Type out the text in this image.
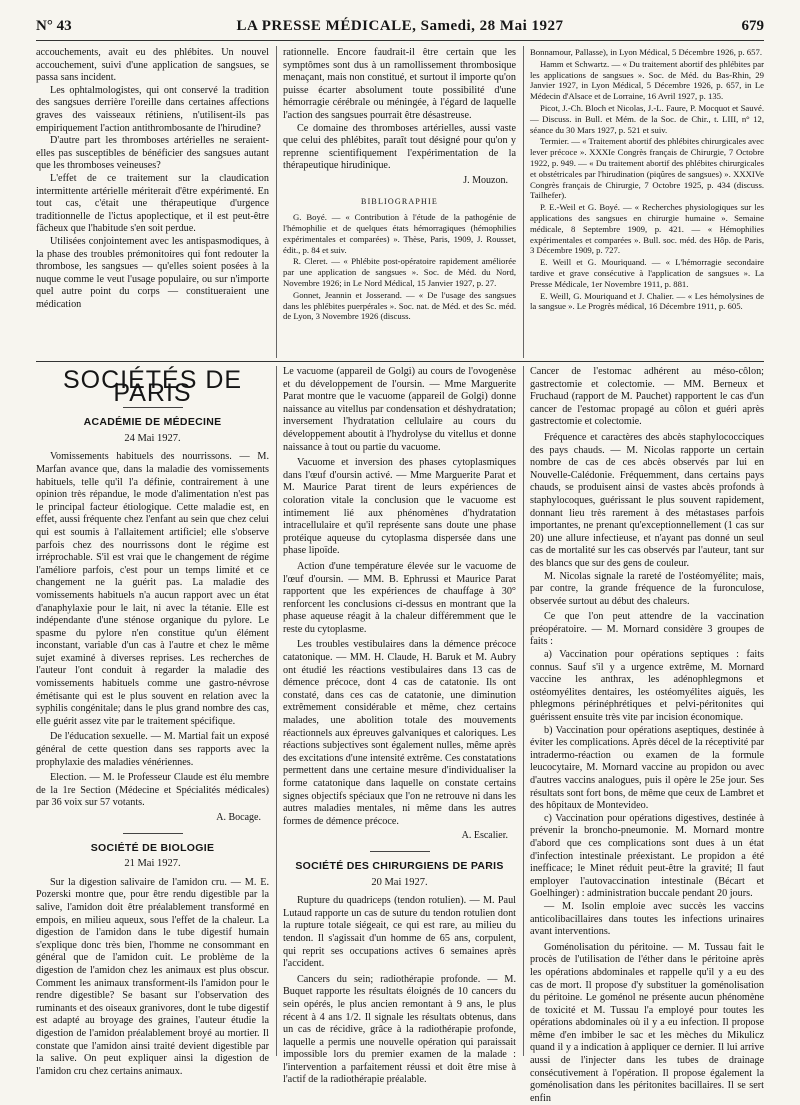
N° 43	LA PRESSE MÉDICALE, Samedi, 28 Mai 1927	679

accouchements, avait eu des phlébites. Un nouvel accouchement, suivi d'une application de sangsues, se passa sans incident.

Les ophtalmologistes, qui ont conservé la tradition des sangsues derrière l'oreille dans certaines affections graves des vaisseaux rétiniens, n'utilisent-ils pas empiriquement l'action antithrombosante de l'hirudine?

D'autre part les thromboses artérielles ne seraient-elles pas susceptibles de bénéficier des sangsues autant que les thromboses veineuses?

L'effet de ce traitement sur la claudication intermittente artérielle mériterait d'être expérimenté. En tout cas, c'était une thérapeutique d'urgence traditionnelle de l'ictus apoplectique, et il est peut-être fâcheux que l'habitude s'en soit perdue.

Utilisées conjointement avec les antispasmodiques, à la phase des troubles prémonitoires qui font redouter la thrombose, les sangsues — qu'elles soient posées à la nuque comme le veut l'usage populaire, ou sur n'importe quel autre point du corps — constitueraient une médication

rationnelle. Encore faudrait-il être certain que les symptômes sont dus à un ramollissement thrombosique menaçant, mais non constitué, et surtout il importe qu'on puisse écarter absolument toute possibilité d'une hémorragie cérébrale ou méningée, à l'égard de laquelle l'action des sangsues pourrait être désastreuse.

Ce domaine des thromboses artérielles, aussi vaste que celui des phlébites, paraît tout désigné pour qu'on y reprenne scientifiquement l'expérimentation de la thérapeutique hirudinique.

J. Mouzon.
BIBLIOGRAPHIE

G. Boyé. — « Contribution à l'étude de la pathogénie de l'hémophilie et de quelques états hémorragiques (hémophilies expérimentales et comparées) ». Thèse, Paris, 1909, J. Rousset, édit., p. 84 et suiv.

R. Cleret. — « Phlébite post-opératoire rapidement améliorée par une application de sangsues ». Soc. de Méd. du Nord, Novembre 1926; in Le Nord Médical, 15 Janvier 1927, p. 27.

Gonnet, Jeannin et Josserand. — « De l'usage des sangsues dans les phlébites puerpérales ». Soc. nat. de Méd. et des Sc. méd. de Lyon, 3 Novembre 1926 (discuss.

Bonnamour, Pallasse), in Lyon Médical, 5 Décembre 1926, p. 657.

Hamm et Schwartz. — « Du traitement abortif des phlébites par les applications de sangsues ». Soc. de Méd. du Bas-Rhin, 29 Janvier 1927, in Lyon Médical, 5 Décembre 1926, p. 657, in Le Médecin d'Alsace et de Lorraine, 16 Avril 1927, p. 135.

Picot, J.-Ch. Bloch et Nicolas, J.-L. Faure, P. Mocquot et Sauvé. — Discuss. in Bull. et Mém. de la Soc. de Chir., t. LIII, n° 12, séance du 30 Mars 1927, p. 521 et suiv.

Termier. — « Traitement abortif des phlébites chirurgicales avec lever précoce ». XXXIe Congrès français de Chirurgie, 7 Octobre 1922, p. 949. — « Du traitement abortif des phlébites chirurgicales et obstétricales par l'hirudination (piqûres de sangsues) ». XXXIVe Congrès français de Chirurgie, 7 Octobre 1925, p. 434 (discuss. Tailhefer).

P. E.-Weil et G. Boyé. — « Recherches physiologiques sur les applications des sangsues en chirurgie humaine ». Semaine médicale, 8 Septembre 1909, p. 421. — « Hémophilies expérimentales et comparées ». Bull. soc. méd. des Hôp. de Paris, 3 Décembre 1909, p. 727.

E. Weill et G. Mouriquand. — « L'hémorragie secondaire tardive et grave consécutive à l'application de sangsues ». La Presse Médicale, 1er Novembre 1911, p. 881.

E. Weill, G. Mouriquand et J. Chalier. — « Les hémolysines de la sangsue ». Le Progrès médical, 16 Décembre 1911, p. 605.

SOCIÉTÉS DE PARIS
ACADÉMIE DE MÉDECINE
24 Mai 1927.

Vomissements habituels des nourrissons. — M. Marfan avance que, dans la maladie des vomissements habituels, telle qu'il l'a définie, contrairement à une opinion très répandue, le mode d'alimentation n'est pas le principal facteur étiologique. Cette maladie est, en effet, aussi fréquente chez l'enfant au sein que chez celui qui est soumis à l'allaitement artificiel; elle s'observe parfois chez des nourrissons dont le régime est irréprochable. S'il est vrai que le changement de régime l'améliore parfois, c'est pour un temps limité et ce changement ne la guérit pas. La maladie des vomissements habituels n'a aucun rapport avec un état d'anaphylaxie pour le lait, ni avec la tétanie. Elle est indépendante d'une sténose organique du pylore. Le spasme du pylore n'en constitue qu'un élément inconstant, variable d'un cas à l'autre et chez le même sujet examiné à diverses reprises. Les recherches de l'auteur l'ont conduit à regarder la maladie des vomissements habituels comme une gastro-névrose émétisante qui est le plus souvent en relation avec la syphilis congénitale; dans le plus grand nombre des cas, elle guérit assez vite par le traitement spécifique.

De l'éducation sexuelle. — M. Martial fait un exposé général de cette question dans ses rapports avec la prophylaxie des maladies vénériennes.

Election. — M. le Professeur Claude est élu membre de la 1re Section (Médecine et Spécialités médicales) par 36 voix sur 57 votants.

A. Bocage.
SOCIÉTÉ DE BIOLOGIE
21 Mai 1927.

Sur la digestion salivaire de l'amidon cru. — M. E. Pozerski montre que, pour être rendu digestible par la salive, l'amidon doit être préalablement transformé en empois, en milieu aqueux, sous l'effet de la chaleur. La digestion de l'amidon dans le tube digestif humain s'explique donc très bien, l'homme ne consommant en général que de l'amidon cuit. Le problème de la digestion de l'amidon chez les animaux est plus obscur. Comment les animaux transforment-ils l'amidon pour le rendre digestible? Se basant sur l'observation des ruminants et des oiseaux granivores, dont le tube digestif est adapté au broyage des graines, l'auteur étudie la digestion de l'amidon préalablement broyé au mortier. Il constate que l'amidon ainsi traité devient digestible par la salive. On peut expliquer ainsi la digestion de l'amidon cru chez certains animaux.

Le vacuome (appareil de Golgi) au cours de l'ovogenèse et du développement de l'oursin. — Mme Marguerite Parat montre que le vacuome (appareil de Golgi) donne naissance au vitellus par condensation et déshydratation; inversement l'hydratation cellulaire au cours du développement aboutit à l'hydrolyse du vitellus et donne naissance à tout ou partie du vacuome.

Vacuome et inversion des phases cytoplasmiques dans l'œuf d'oursin activé. — Mme Marguerite Parat et M. Maurice Parat tirent de leurs expériences de coloration vitale la conclusion que le vacuome est intimement lié aux phénomènes d'hydratation intracellulaire et qu'il représente sans doute une phase protéique aqueuse du cytoplasma dispersée dans une phase lipoïde.

Action d'une température élevée sur le vacuome de l'œuf d'oursin. — MM. B. Ephrussi et Maurice Parat rapportent que les expériences de chauffage à 30° renforcent les conclusions ci-dessus en montrant que la phase aqueuse réagit à la chaleur différemment que le reste du cytoplasme.

Les troubles vestibulaires dans la démence précoce catatonique. — MM. H. Claude, H. Baruk et M. Aubry ont étudié les réactions vestibulaires dans 13 cas de démence précoce, dont 4 cas de catatonie. Ils ont constaté, dans ces cas de catatonie, une diminution extrêmement considérable et même, chez certains malades, une abolition totale des mouvements réactionnels aux épreuves galvaniques et caloriques. Les réactions subjectives sont également nulles, même après des excitations d'une intensité extrême. Ces constatations permettent dans une certaine mesure d'individualiser la forme catatonique dans laquelle on constate certains signes objectifs spéciaux que l'on ne retrouve ni dans les autres maladies mentales, ni même dans les autres formes de démence précoce.

A. Escalier.
SOCIÉTÉ DES CHIRURGIENS DE PARIS
20 Mai 1927.

Rupture du quadriceps (tendon rotulien). — M. Paul Lutaud rapporte un cas de suture du tendon rotulien dont la rupture totale siégeait, ce qui est rare, au milieu du tendon. Il s'agissait d'un homme de 65 ans, corpulent, qui reprit ses occupations actives 6 semaines après l'accident.

Cancers du sein; radiothérapie profonde. — M. Buquet rapporte les résultats éloignés de 10 cancers du sein opérés, le plus ancien remontant à 9 ans, le plus récent à 4 ans 1/2. Il signale les résultats obtenus, dans un cas de récidive, grâce à la radiothérapie profonde, laquelle a permis une nouvelle opération qui paraissait impossible lors du premier examen de la malade : l'intervention a parfaitement réussi et doit être mise à l'actif de la radiothérapie préalable.

Cancer de l'estomac adhérent au méso-côlon; gastrectomie et colectomie. — MM. Berneux et Fruchaud (rapport de M. Pauchet) rapportent le cas d'un cancer de l'estomac propagé au côlon et guéri après gastrectomie et colectomie.

Fréquence et caractères des abcès staphylococciques des pays chauds. — M. Nicolas rapporte un certain nombre de cas de ces abcès observés par lui en Nouvelle-Calédonie. Fréquemment, dans certains pays chauds, se produisent ainsi de vastes abcès profonds à staphylocoques, guérissant le plus souvent rapidement, donnant lieu très rarement à des métastases parfois importantes, ne prenant qu'exceptionnellement (1 cas sur 20) une allure infectieuse, et n'ayant pas donné un seul cas de mortalité sur les cas observés par l'auteur, tant sur des blancs que sur des gens de couleur.

M. Nicolas signale la rareté de l'ostéomyélite; mais, par contre, la grande fréquence de la furonculose, observée surtout au début des chaleurs.

Ce que l'on peut attendre de la vaccination préopératoire. — M. Mornard considère 3 groupes de faits :

a) Vaccination pour opérations septiques : faits connus. Sauf s'il y a urgence extrême, M. Mornard vaccine les anthrax, les adénophlegmons et ostéomyélites dentaires, les ostéomyélites aiguës, les phlegmons périnéphrétiques et pelvi-péritonites qui guérissent ensuite très vite par incision économique.

b) Vaccination pour opérations aseptiques, destinée à éviter les complications. Après décel de la réceptivité par intradermo-réaction ou examen de la formule leucocytaire, M. Mornard vaccine au propidon ou avec d'autres vaccins analogues, puis il opère le 25e jour. Ses résultats sont fort bons, de même que ceux de Lambret et des hôpitaux de Montevideo.

c) Vaccination pour opérations digestives, destinée à prévenir la broncho-pneumonie. M. Mornard montre d'abord que ces complications sont dues à un état d'infection intestinale préexistant. Le propidon a été inefficace; le Minet réduit peut-être la gravité; Il faut employer l'autovaccination intestinale (Bécart et Goelhinger) : administration buccale pendant 20 jours.

— M. Isolin emploie avec succès les vaccins anticolibacillaires dans toutes les infections urinaires avant interventions.

Goménolisation du péritoine. — M. Tussau fait le procès de l'utilisation de l'éther dans le péritoine après les opérations abdominales et rappelle qu'il y a eu des cas de mort. Il propose d'y substituer la goménolisation du péritoine. Le goménol ne présente aucun phénomène de toxicité et M. Tussau l'a employé pour toutes les opérations abdominales où il y a eu infection. Il propose même d'en imbiber le sac et les mèches du Mikulicz quand il y a indication à appliquer ce dernier. Il lui arrive aussi de l'injecter dans les tubes de drainage consécutivement à l'opération. Il propose également la goménolisation dans les péritonites bacillaires. Il se sert enfin
